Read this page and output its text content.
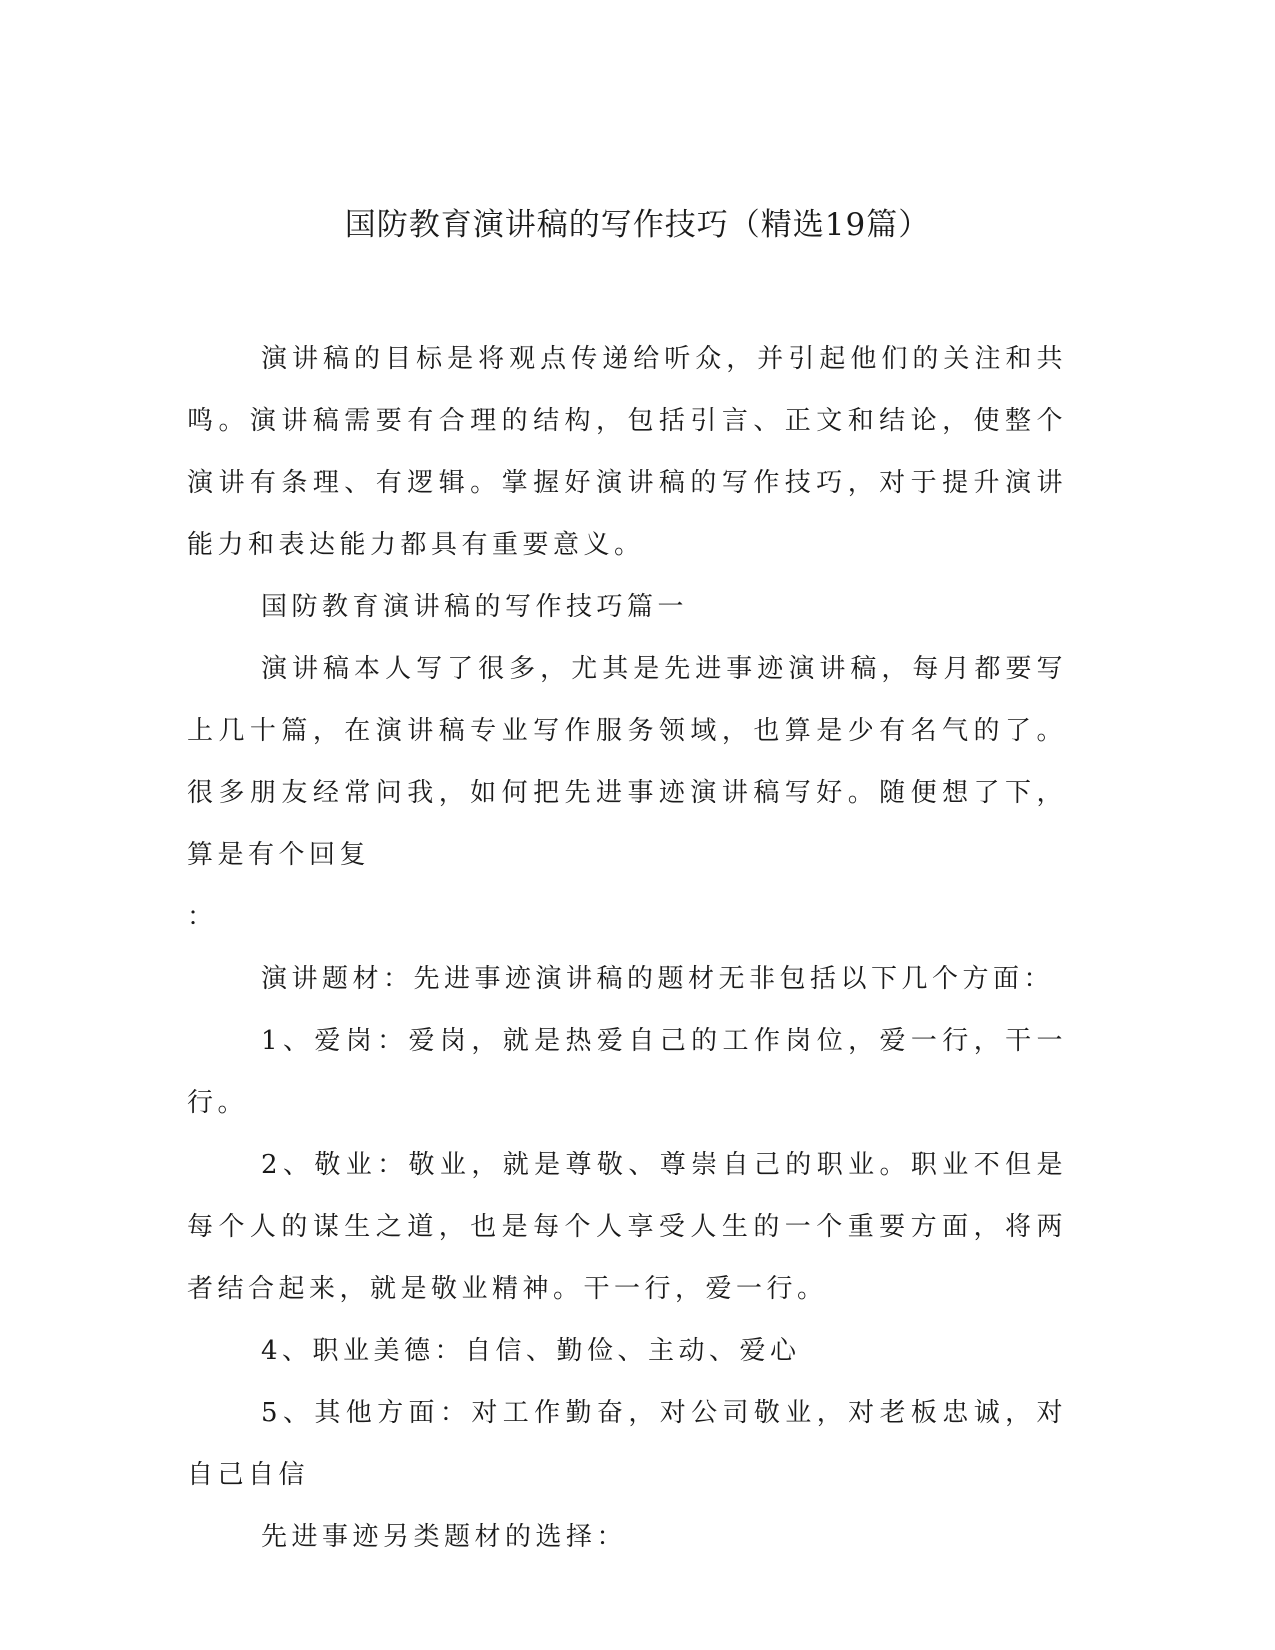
国防教育演讲稿的写作技巧（精选19篇）

演讲稿的目标是将观点传递给听众，并引起他们的关注和共鸣。演讲稿需要有合理的结构，包括引言、正文和结论，使整个演讲有条理、有逻辑。掌握好演讲稿的写作技巧，对于提升演讲能力和表达能力都具有重要意义。

国防教育演讲稿的写作技巧篇一

演讲稿本人写了很多，尤其是先进事迹演讲稿，每月都要写上几十篇，在演讲稿专业写作服务领域，也算是少有名气的了。很多朋友经常问我，如何把先进事迹演讲稿写好。随便想了下，算是有个回复

：

演讲题材：先进事迹演讲稿的题材无非包括以下几个方面：

1、爱岗：爱岗，就是热爱自己的工作岗位，爱一行，干一行。

2、敬业：敬业，就是尊敬、尊崇自己的职业。职业不但是每个人的谋生之道，也是每个人享受人生的一个重要方面，将两者结合起来，就是敬业精神。干一行，爱一行。

4、职业美德：自信、勤俭、主动、爱心

5、其他方面：对工作勤奋，对公司敬业，对老板忠诚，对自己自信

先进事迹另类题材的选择：
